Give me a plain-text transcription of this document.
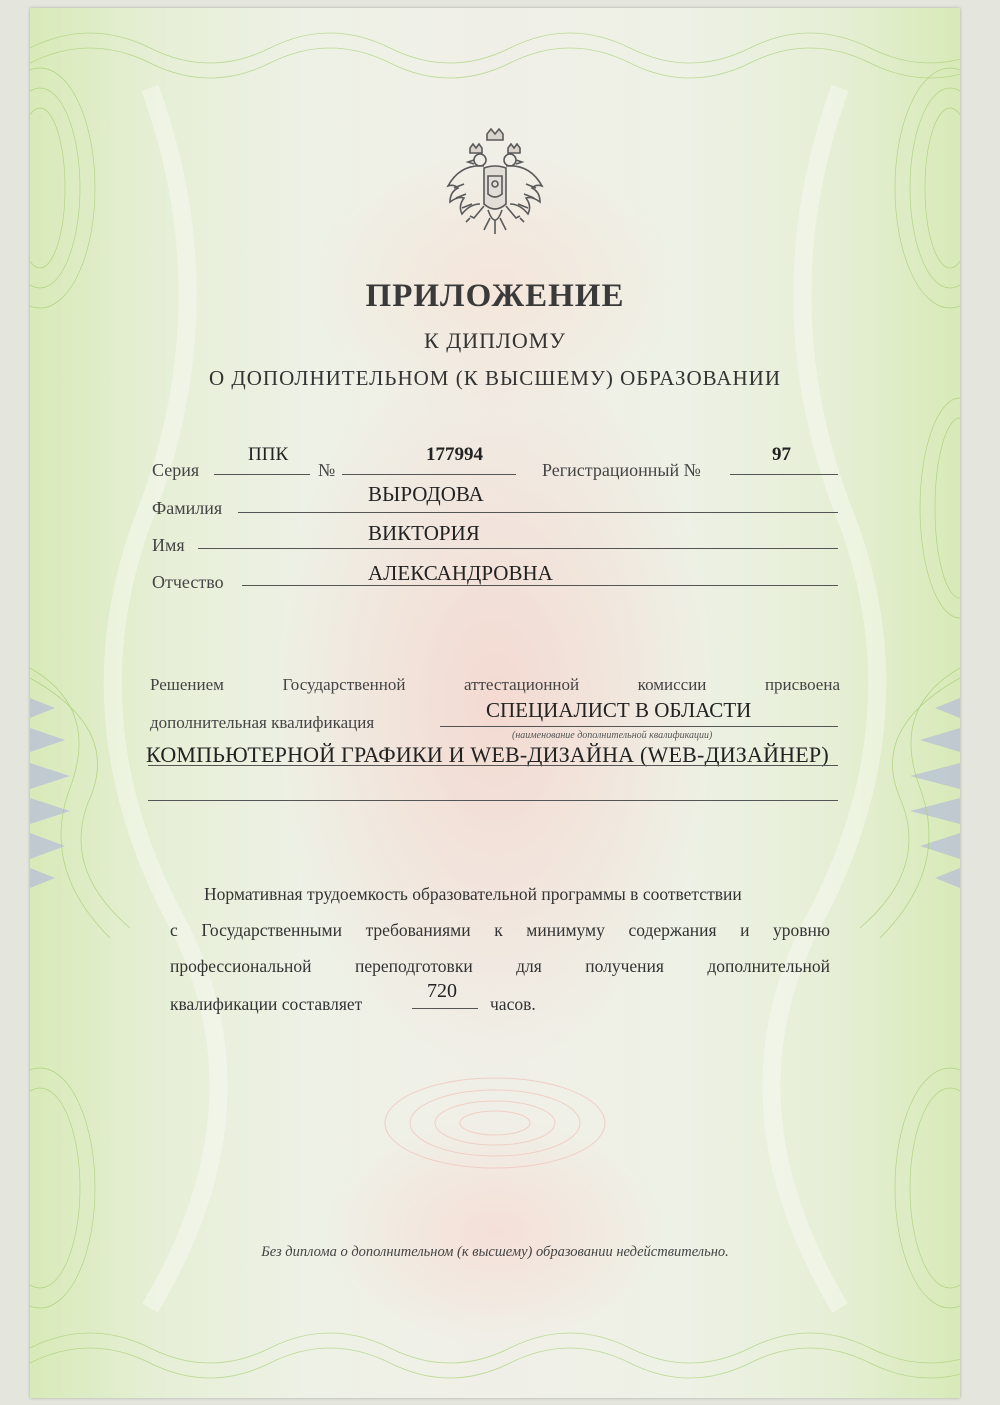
ПРИЛОЖЕНИЕ
К ДИПЛОМУ
О ДОПОЛНИТЕЛЬНОМ (К ВЫСШЕМУ) ОБРАЗОВАНИИ
Серия
ППК
№
177994
Регистрационный №
97
Фамилия
ВЫРОДОВА
Имя	ВИКТОРИЯ
Отчество	АЛЕКСАНДРОВНА
Решением Государственной аттестационной комиссии присвоена
дополнительная квалификация
СПЕЦИАЛИСТ В ОБЛАСТИ
(наименование дополнительной квалификации)
КОМПЬЮТЕРНОЙ ГРАФИКИ И WEB-ДИЗАЙНА (WEB-ДИЗАЙНЕР)
Нормативная трудоемкость образовательной программы в соответствии
с Государственными требованиями к минимуму содержания и уровню
профессиональной переподготовки для получения дополнительной
квалификации составляет
720
часов.
Без диплома о дополнительном (к высшему) образовании недействительно.
